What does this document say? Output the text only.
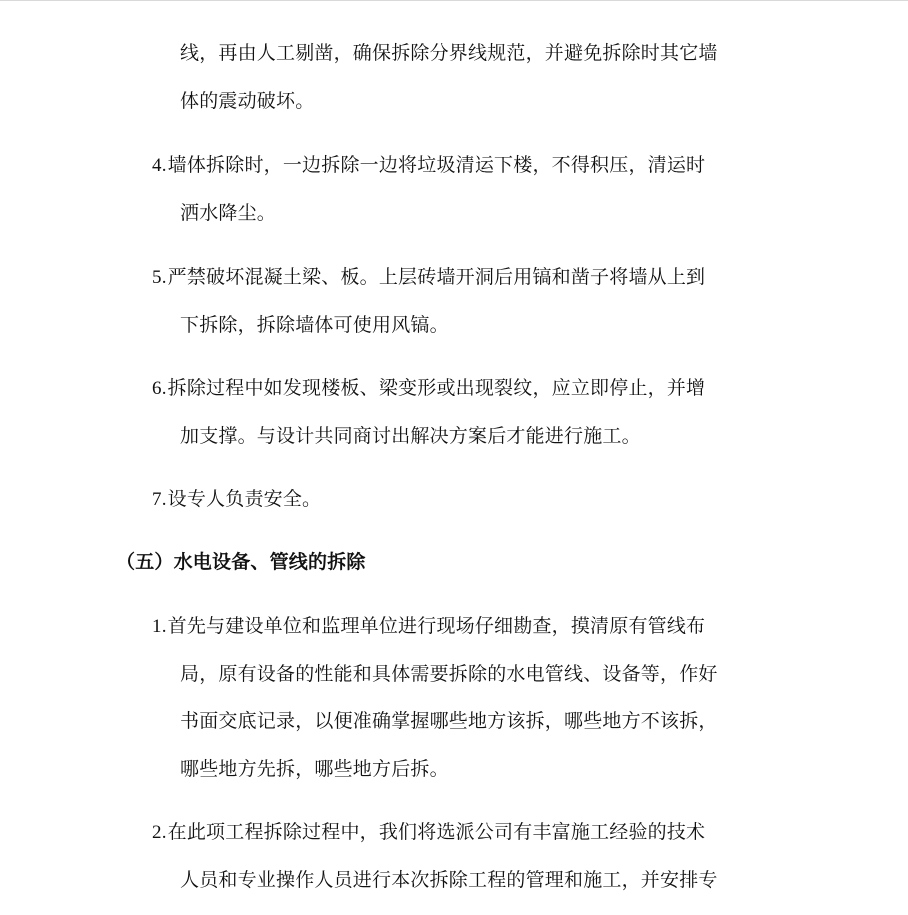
线，再由人工剔凿，确保拆除分界线规范，并避免拆除时其它墙
体的震动破坏。
4.墙体拆除时，一边拆除一边将垃圾清运下楼，不得积压，清运时
洒水降尘。
5.严禁破坏混凝土梁、板。上层砖墙开洞后用镐和凿子将墙从上到
下拆除，拆除墙体可使用风镐。
6.拆除过程中如发现楼板、梁变形或出现裂纹，应立即停止，并增
加支撑。与设计共同商讨出解决方案后才能进行施工。
7.设专人负责安全。
（五）水电设备、管线的拆除
1.首先与建设单位和监理单位进行现场仔细勘查，摸清原有管线布
局，原有设备的性能和具体需要拆除的水电管线、设备等，作好
书面交底记录，以便准确掌握哪些地方该拆，哪些地方不该拆，
哪些地方先拆，哪些地方后拆。
2.在此项工程拆除过程中，我们将选派公司有丰富施工经验的技术
人员和专业操作人员进行本次拆除工程的管理和施工，并安排专
